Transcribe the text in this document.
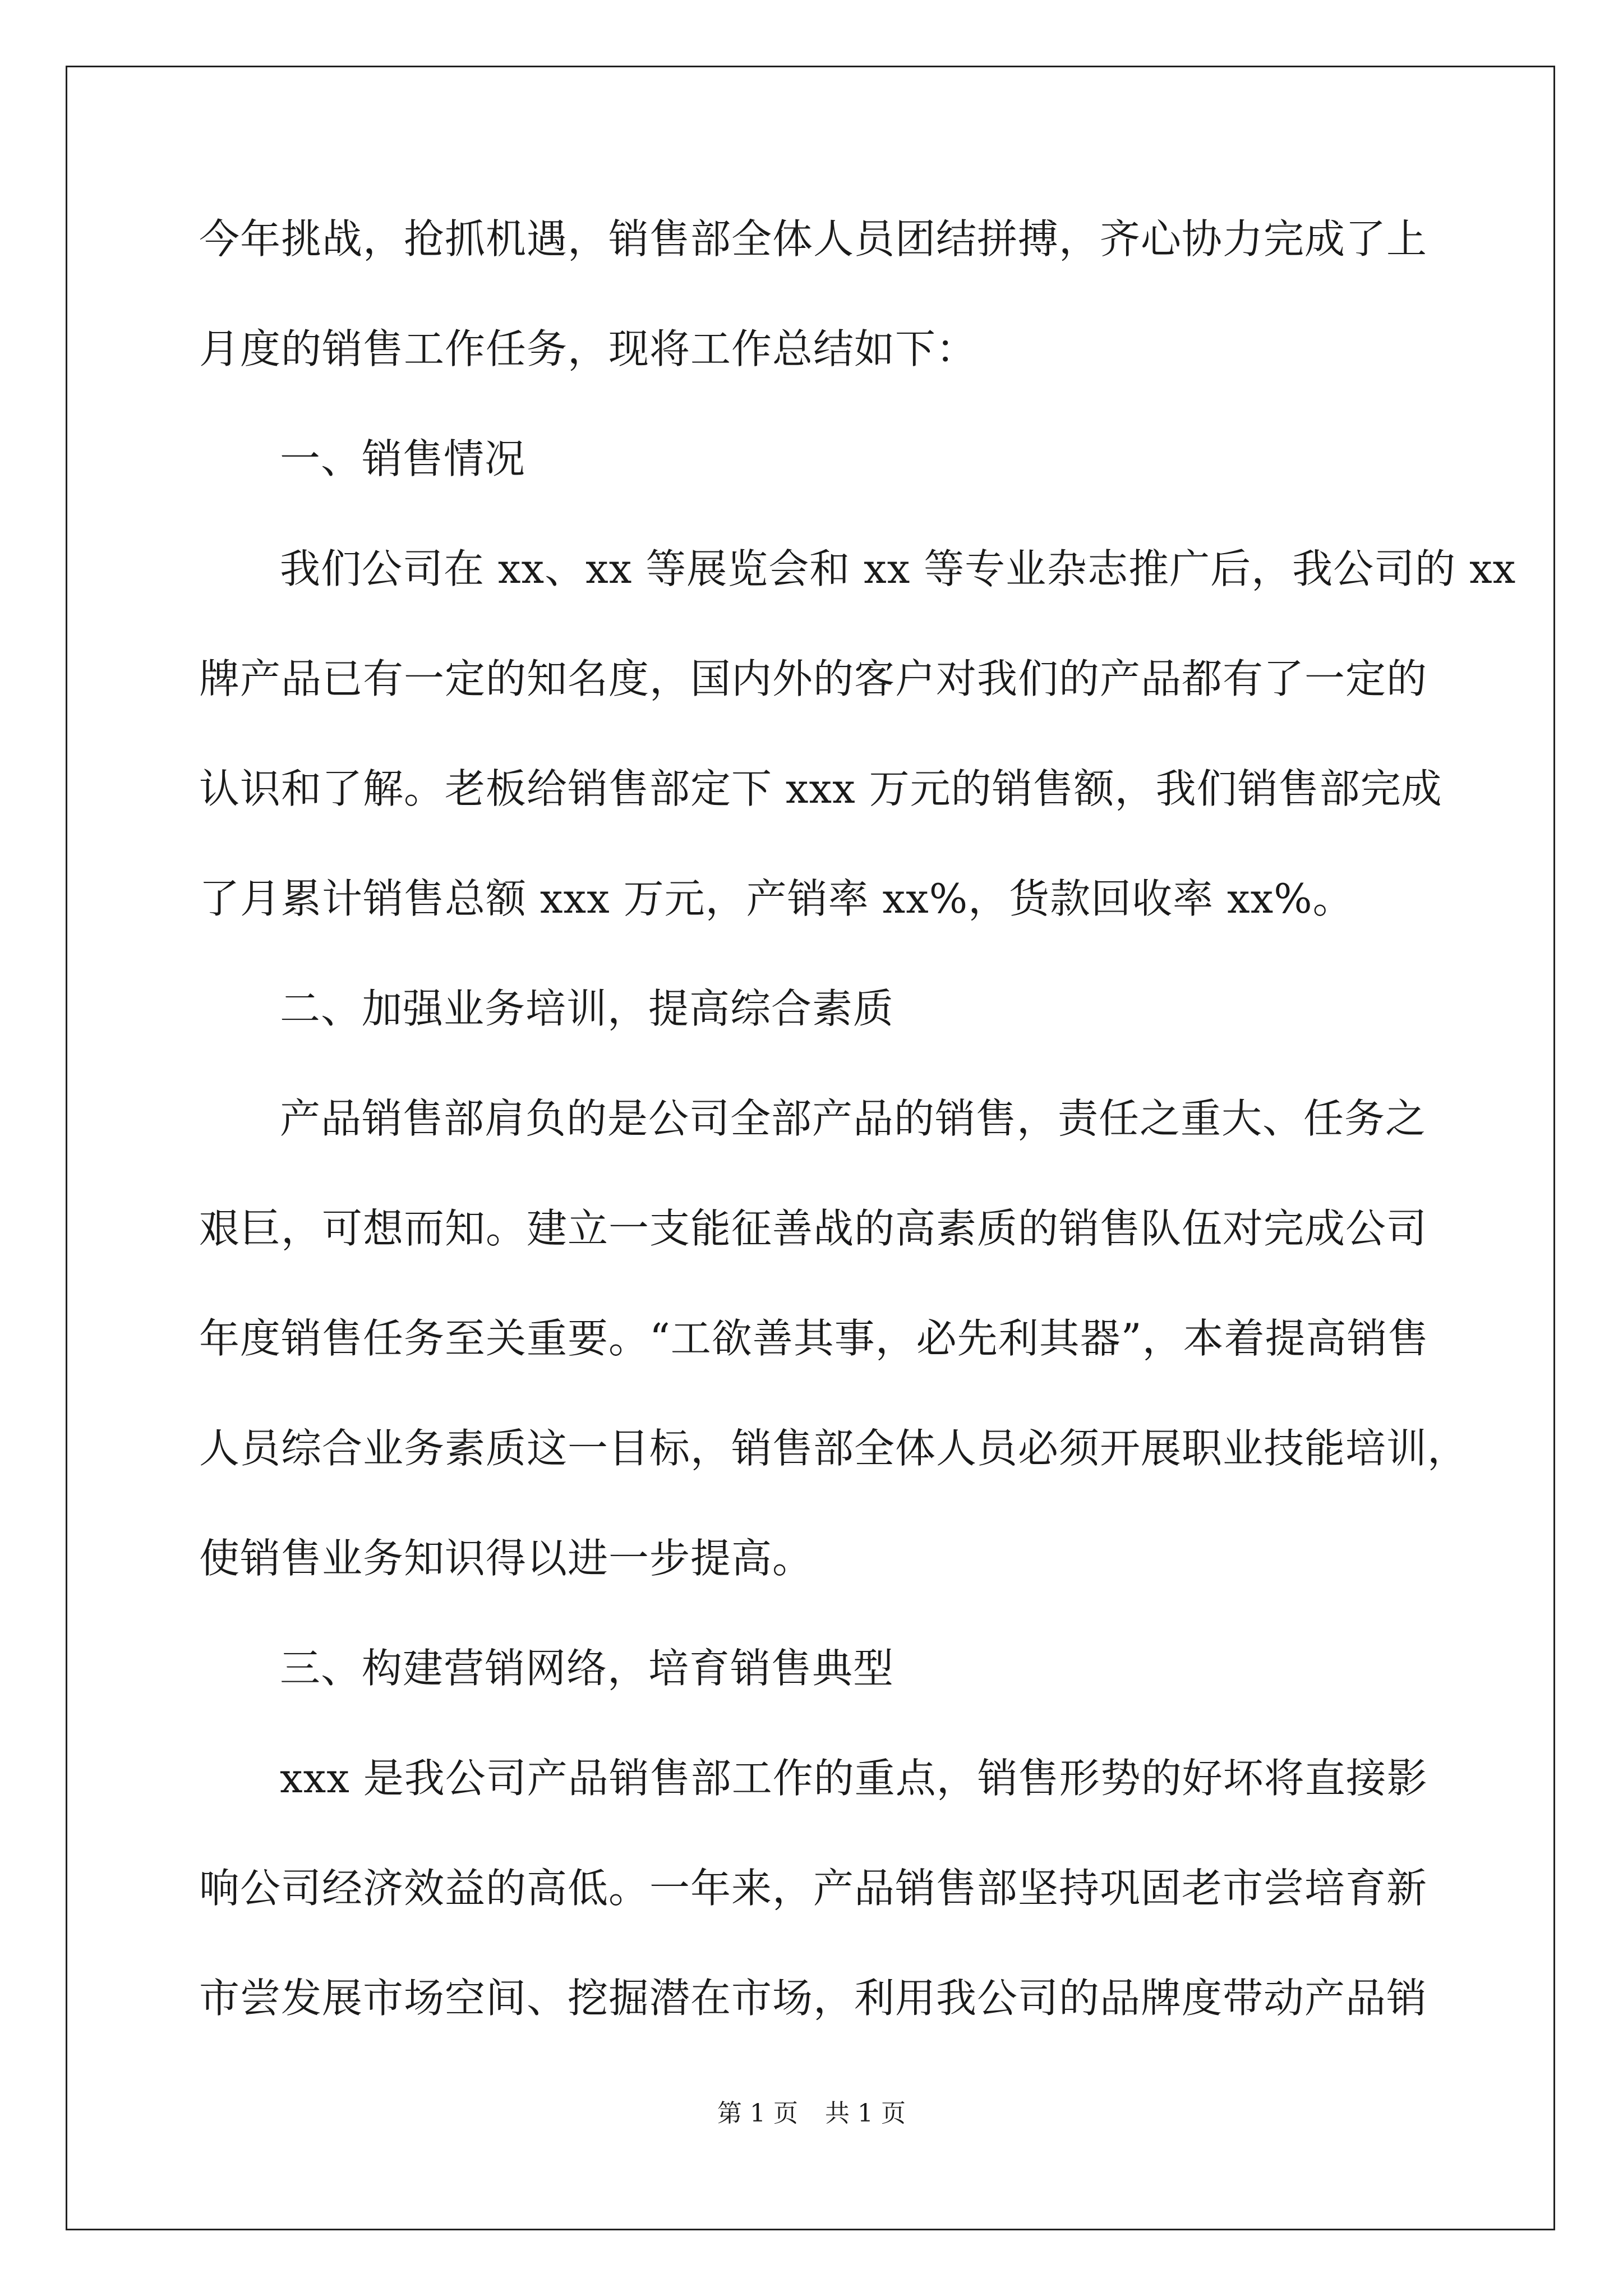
今年挑战，抢抓机遇，销售部全体人员团结拼搏，齐心协力完成了上
月度的销售工作任务，现将工作总结如下：
一、销售情况
我们公司在 xx、xx 等展览会和 xx 等专业杂志推广后，我公司的 xx
牌产品已有一定的知名度，国内外的客户对我们的产品都有了一定的
认识和了解。老板给销售部定下 xxx 万元的销售额，我们销售部完成
了月累计销售总额 xxx 万元，产销率 xx%，货款回收率 xx%。
二、加强业务培训，提高综合素质
产品销售部肩负的是公司全部产品的销售，责任之重大、任务之
艰巨，可想而知。建立一支能征善战的高素质的销售队伍对完成公司
年度销售任务至关重要。“工欲善其事，必先利其器”，本着提高销售
人员综合业务素质这一目标，销售部全体人员必须开展职业技能培训，
使销售业务知识得以进一步提高。
三、构建营销网络，培育销售典型
xxx 是我公司产品销售部工作的重点，销售形势的好坏将直接影
响公司经济效益的高低。一年来，产品销售部坚持巩固老市尝培育新
市尝发展市场空间、挖掘潜在市场，利用我公司的品牌度带动产品销
第 1 页 共 1 页
